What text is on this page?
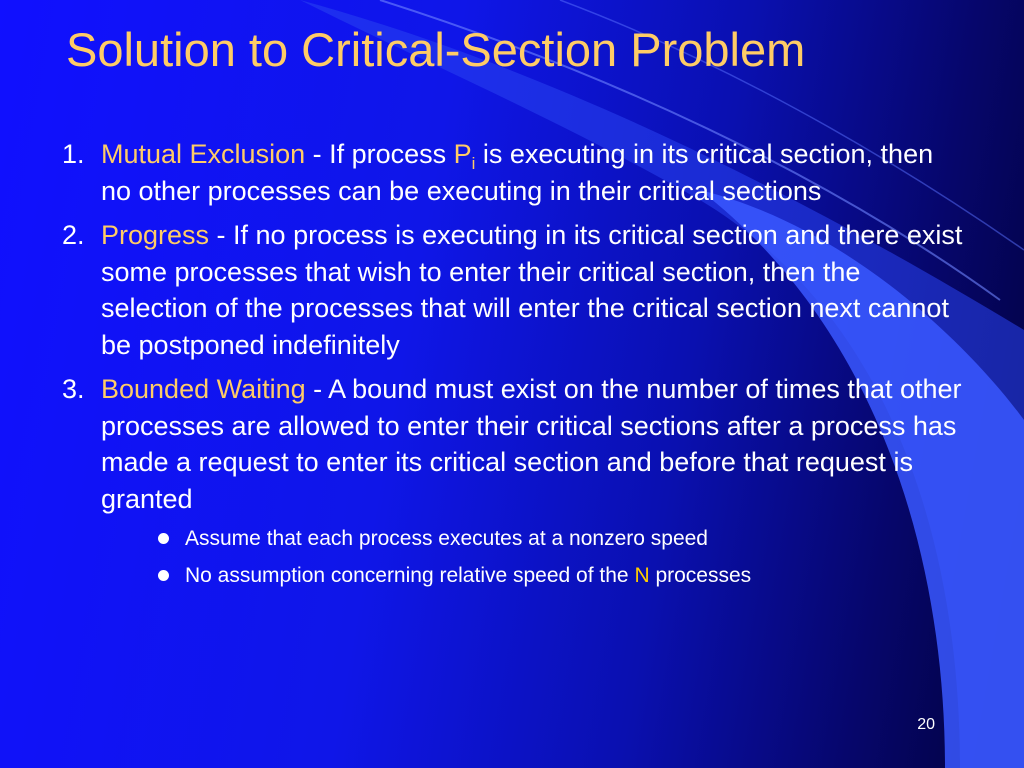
Solution to Critical-Section Problem
1. Mutual Exclusion - If process $P_i$ is executing in its critical section, then no other processes can be executing in their critical sections
2. Progress - If no process is executing in its critical section and there exist some processes that wish to enter their critical section, then the selection of the processes that will enter the critical section next cannot be postponed indefinitely
3. Bounded Waiting - A bound must exist on the number of times that other processes are allowed to enter their critical sections after a process has made a request to enter its critical section and before that request is granted
Assume that each process executes at a nonzero speed
No assumption concerning relative speed of the N processes
20
